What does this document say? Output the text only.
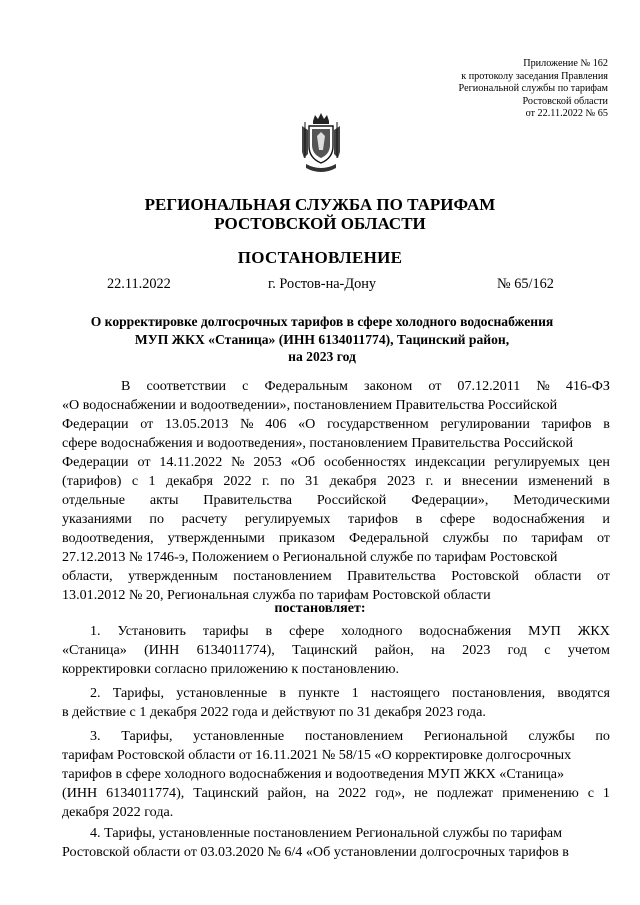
Приложение № 162
к протоколу заседания Правления
Региональной службы по тарифам
Ростовской области
от 22.11.2022 № 65
РЕГИОНАЛЬНАЯ СЛУЖБА ПО ТАРИФАМ
РОСТОВСКОЙ ОБЛАСТИ
ПОСТАНОВЛЕНИЕ
22.11.2022	г. Ростов-на-Дону	№ 65/162
О корректировке долгосрочных тарифов в сфере холодного водоснабжения
МУП ЖКХ «Станица» (ИНН 6134011774), Тацинский район,
на 2023 год
В соответствии с Федеральным законом от 07.12.2011 № 416-ФЗ
«О водоснабжении и водоотведении», постановлением Правительства Российской
Федерации от 13.05.2013 № 406 «О государственном регулировании тарифов в
сфере водоснабжения и водоотведения», постановлением Правительства Российской
Федерации от 14.11.2022 № 2053 «Об особенностях индексации регулируемых цен
(тарифов) с 1 декабря 2022 г. по 31 декабря 2023 г. и внесении изменений в
отдельные акты Правительства Российской Федерации», Методическими
указаниями по расчету регулируемых тарифов в сфере водоснабжения и
водоотведения, утвержденными приказом Федеральной службы по тарифам от
27.12.2013 № 1746-э, Положением о Региональной службе по тарифам Ростовской
области, утвержденным постановлением Правительства Ростовской области от
13.01.2012 № 20, Региональная служба по тарифам Ростовской области
постановляет:
1. Установить тарифы в сфере холодного водоснабжения МУП ЖКХ
«Станица» (ИНН 6134011774), Тацинский район, на 2023 год с учетом
корректировки согласно приложению к постановлению.
2. Тарифы, установленные в пункте 1 настоящего постановления, вводятся
в действие с 1 декабря 2022 года и действуют по 31 декабря 2023 года.
3. Тарифы, установленные постановлением Региональной службы по
тарифам Ростовской области от 16.11.2021 № 58/15 «О корректировке долгосрочных
тарифов в сфере холодного водоснабжения и водоотведения МУП ЖКХ «Станица»
(ИНН 6134011774), Тацинский район, на 2022 год», не подлежат применению с 1
декабря 2022 года.
4. Тарифы, установленные постановлением Региональной службы по тарифам
Ростовской области от 03.03.2020 № 6/4 «Об установлении долгосрочных тарифов в
